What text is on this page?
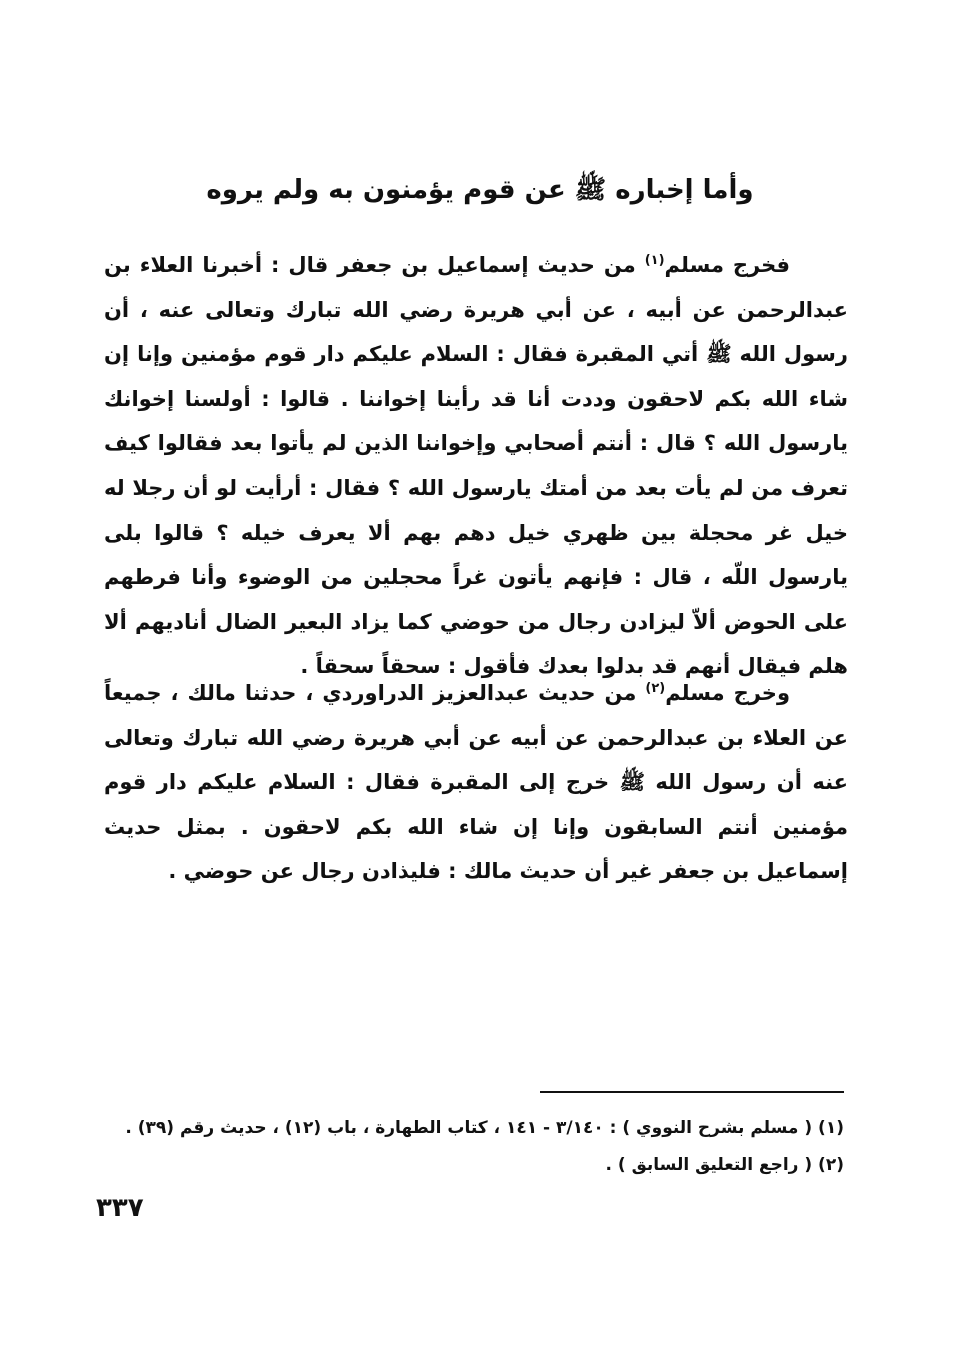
وأما إخباره ﷺ عن قوم يؤمنون به ولم يروه
فخرج مسلم$^{(١)}$ من حديث إسماعيل بن جعفر قال : أخبرنا العلاء بن عبدالرحمن عن أبيه ، عن أبي هريرة رضي الله تبارك وتعالى عنه ، أن رسول الله ﷺ أتي المقبرة فقال : السلام عليكم دار قوم مؤمنين وإنا إن شاء الله بكم لاحقون وددت أنا قد رأينا إخواننا . قالوا : أولسنا إخوانك يارسول الله ؟ قال : أنتم أصحابي وإخواننا الذين لم يأتوا بعد فقالوا كيف تعرف من لم يأت بعد من أمتك يارسول الله ؟ فقال : أرأيت لو أن رجلا له خيل غر محجلة بين ظهري خيل دهم بهم ألا يعرف خيله ؟ قالوا بلى يارسول اللّه ، قال : فإنهم يأتون غراً محجلين من الوضوء وأنا فرطهم على الحوض ألاّ ليزادن رجال من حوضي كما يزاد البعير الضال أناديهم ألا هلم فيقال أنهم قد بدلوا بعدك فأقول : سحقاً سحقاً .
وخرج مسلم$^{(٢)}$ من حديث عبدالعزيز الدراوردي ، حدثنا مالك ، جميعاً عن العلاء بن عبدالرحمن عن أبيه عن أبي هريرة رضي الله تبارك وتعالى عنه أن رسول الله ﷺ خرج إلى المقبرة فقال : السلام عليكم دار قوم مؤمنين أنتم السابقون وإنا إن شاء الله بكم لاحقون . بمثل حديث إسماعيل بن جعفر غير أن حديث مالك : فليذادن رجال عن حوضي .
(١) ( مسلم بشرح النووي ) : ٣/١٤٠ - ١٤١ ، كتاب الطهارة ، باب (١٢) ، حديث رقم (٣٩) .
(٢) ( راجع التعليق السابق ) .
٣٣٧
